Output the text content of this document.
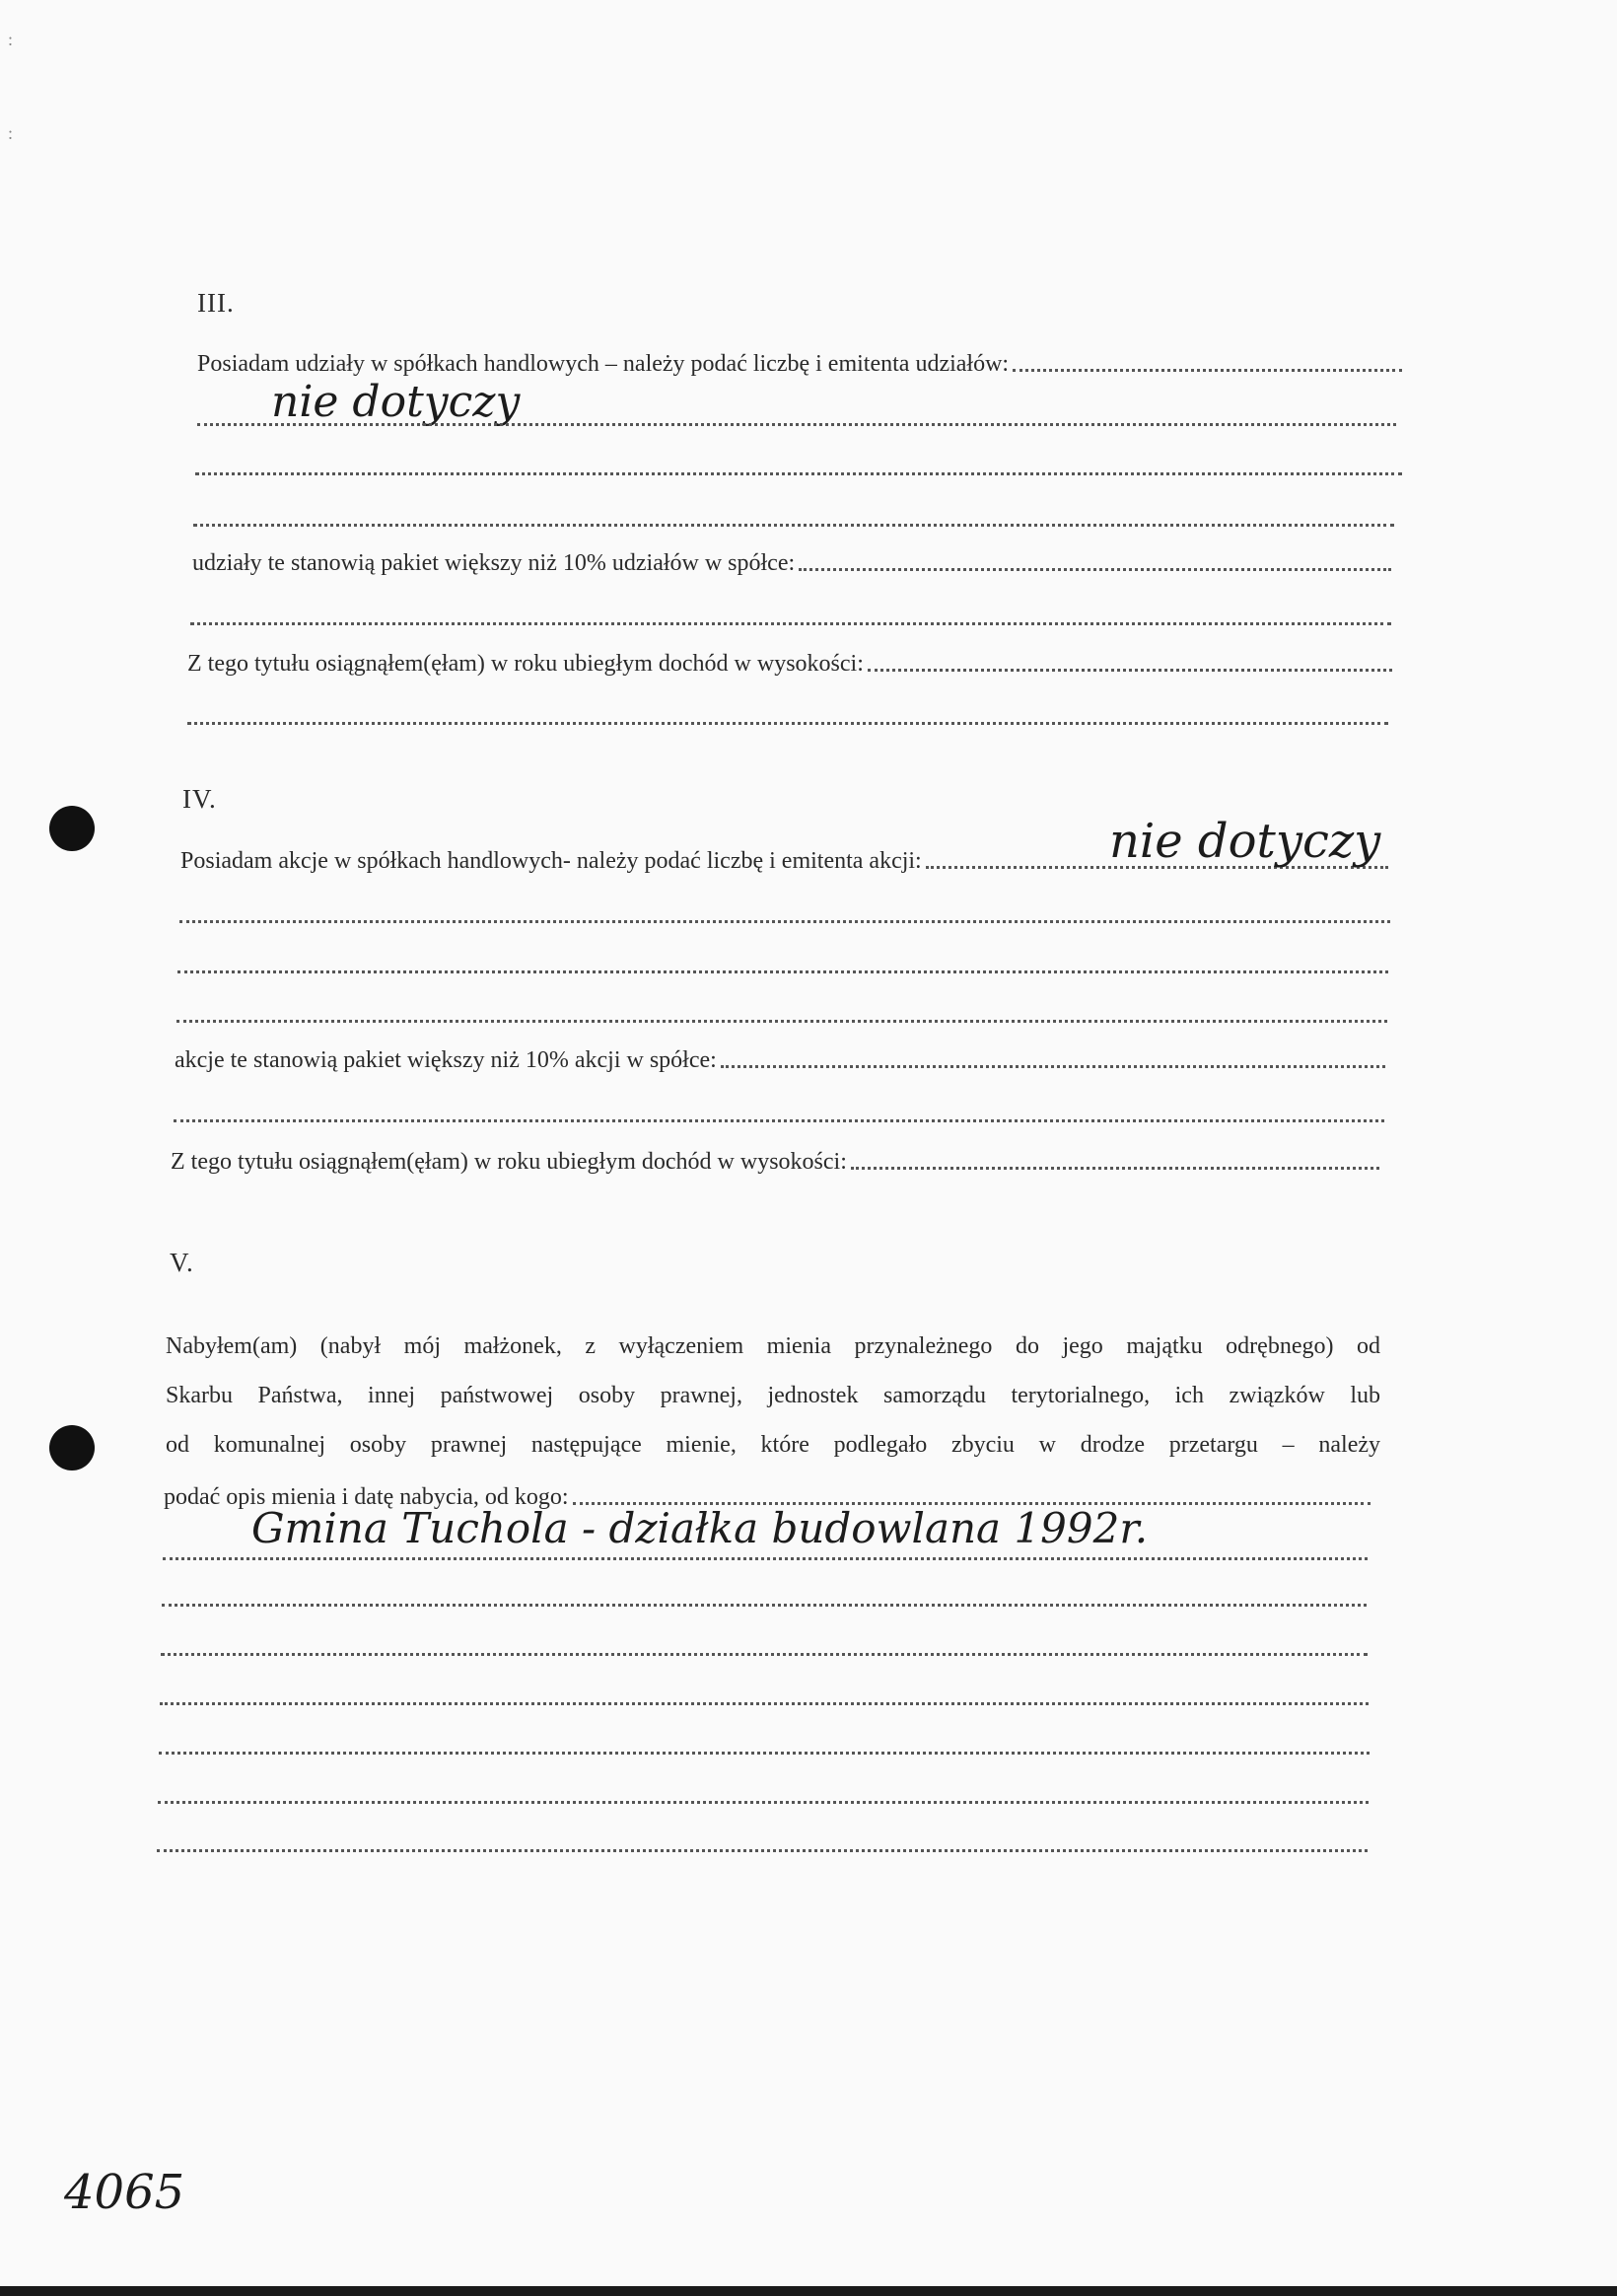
:
:
III.
Posiadam udziały w spółkach handlowych – należy podać liczbę i emitenta udziałów:
nie dotyczy
udziały te stanowią pakiet większy niż 10% udziałów w spółce:
Z tego tytułu osiągnąłem(ęłam) w roku ubiegłym dochód w wysokości:
IV.
Posiadam akcje w spółkach handlowych- należy podać liczbę i emitenta akcji:	nie dotyczy
akcje te stanowią pakiet większy niż 10% akcji w spółce:
Z tego tytułu osiągnąłem(ęłam) w roku ubiegłym dochód w wysokości:
V.
Nabyłem(am) (nabył mój małżonek, z wyłączeniem mienia przynależnego do jego majątku odrębnego) od
Skarbu Państwa, innej państwowej osoby prawnej, jednostek samorządu terytorialnego, ich związków lub
od komunalnej osoby prawnej następujące mienie, które podlegało zbyciu w drodze przetargu – należy
podać opis mienia i datę nabycia, od kogo:
Gmina Tuchola - działka budowlana 1992r.
4065
